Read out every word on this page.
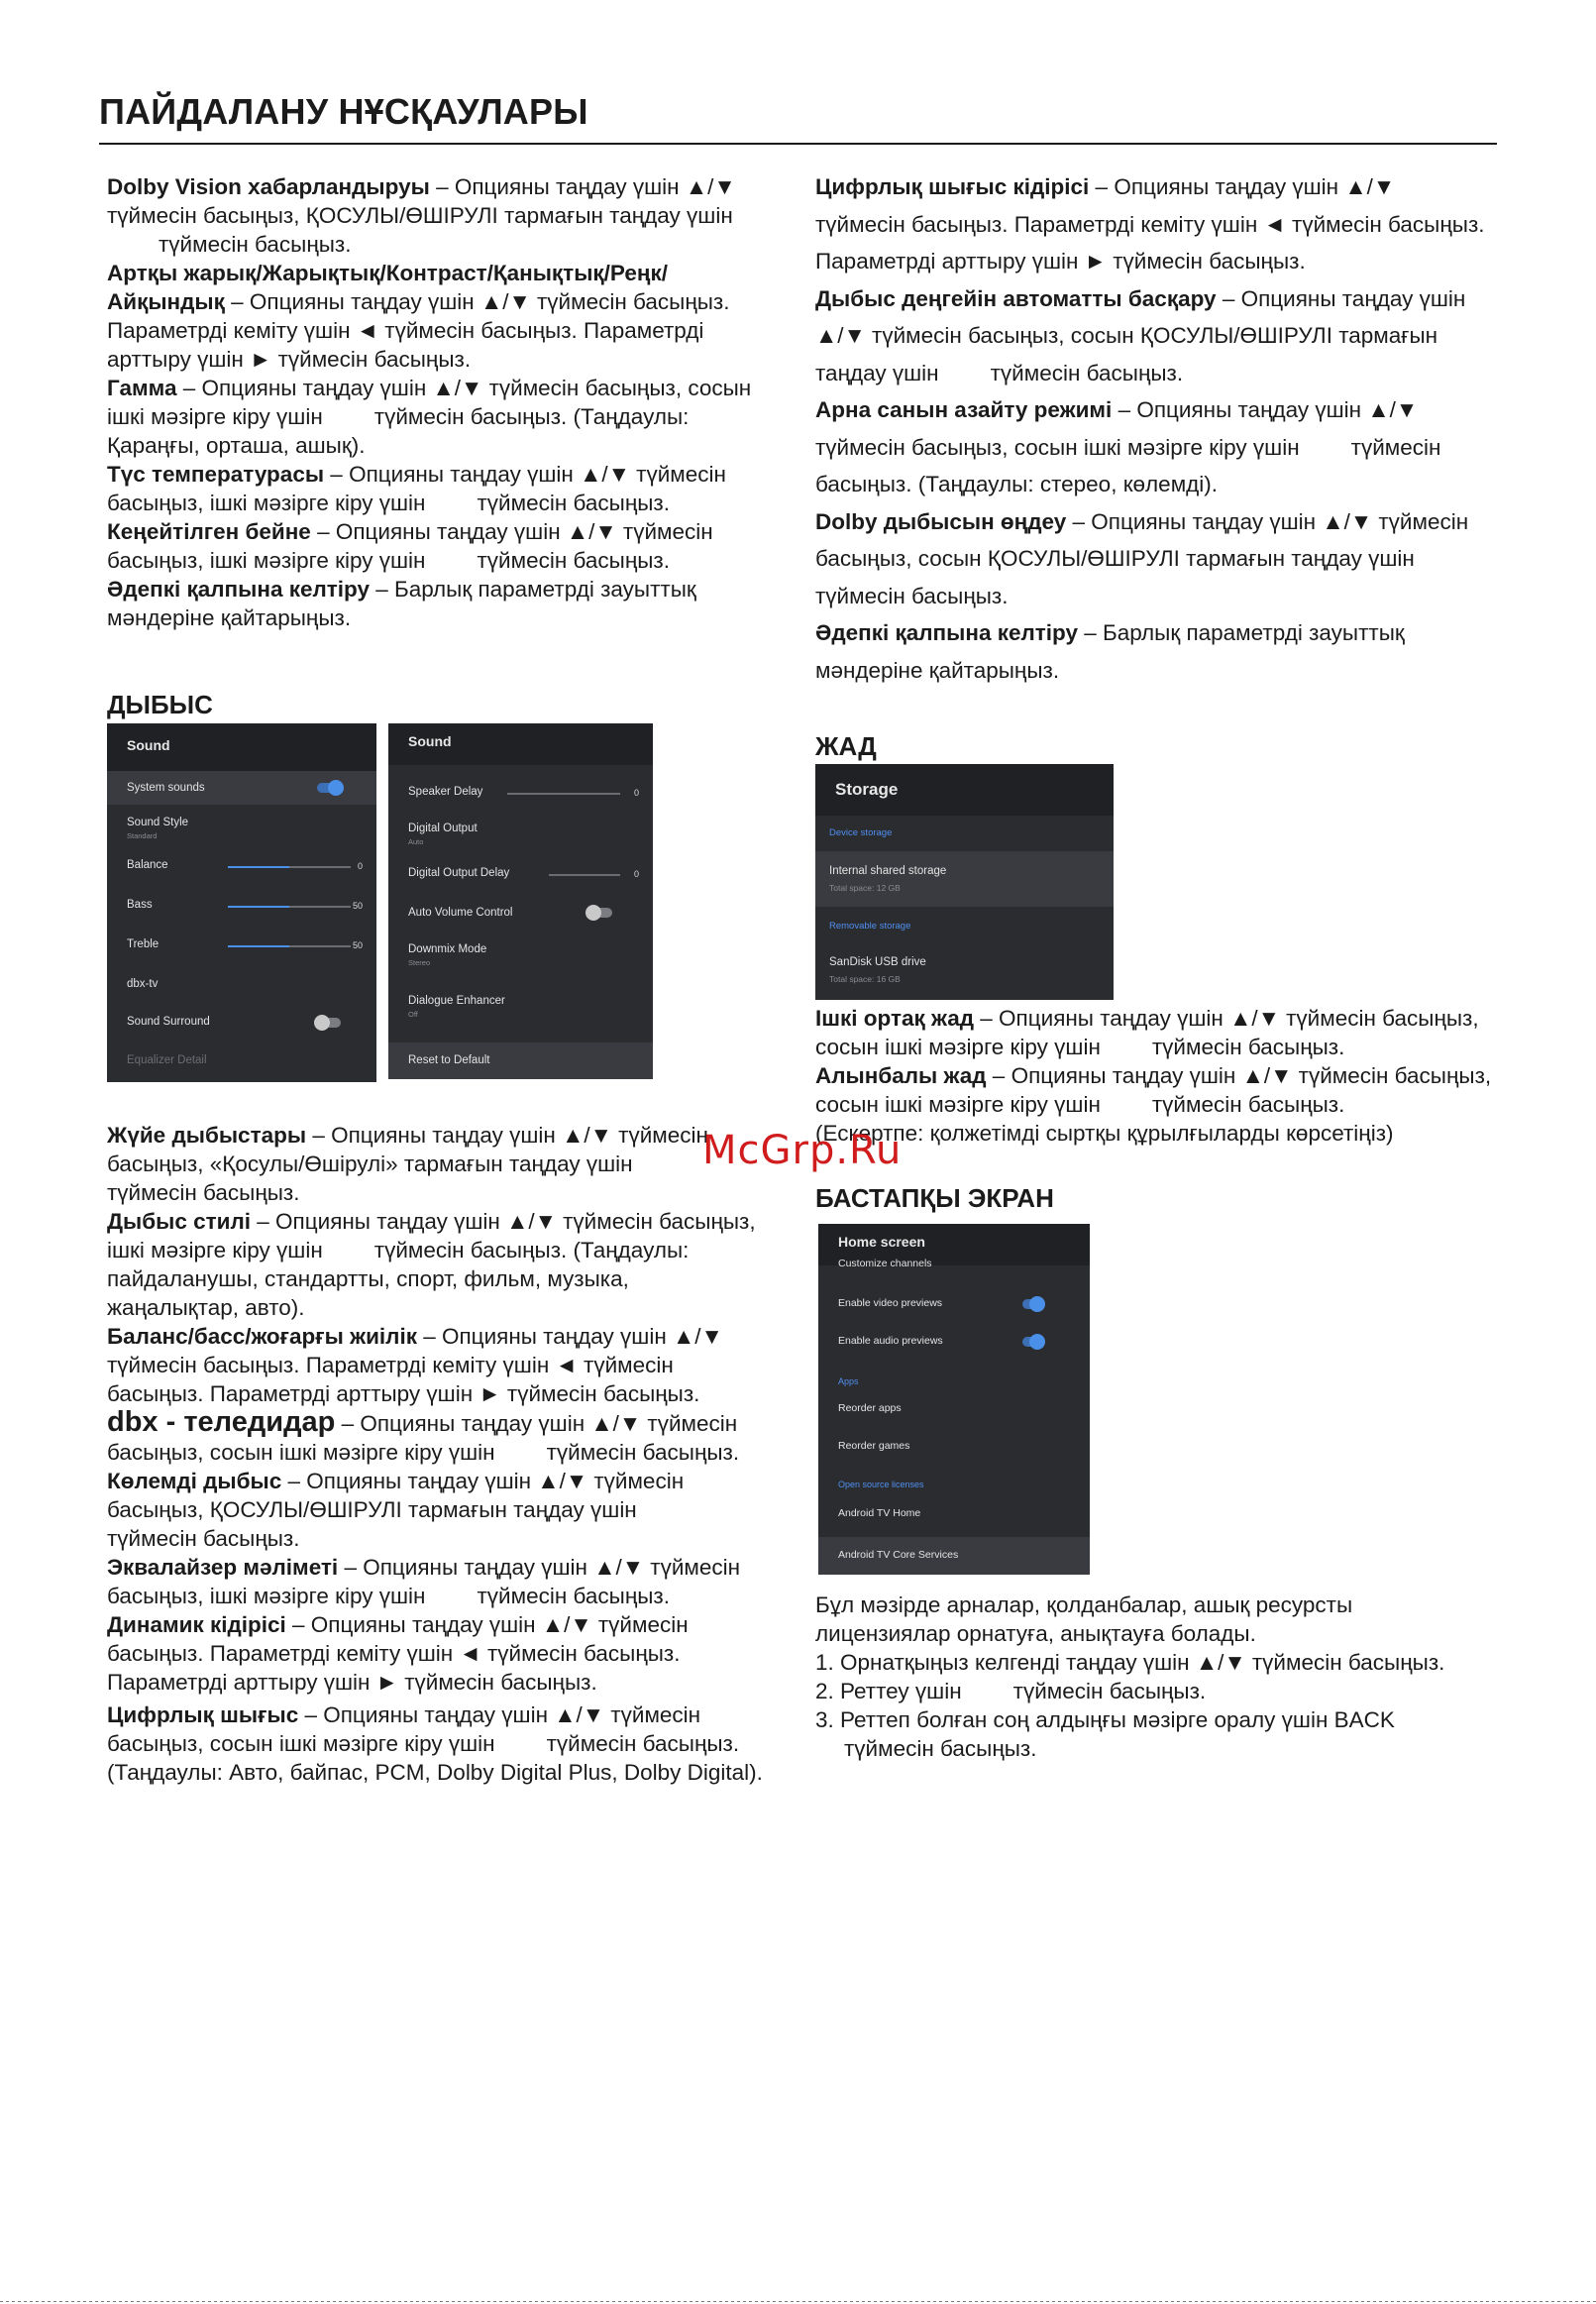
ПАЙДАЛАНУ НҰСҚАУЛАРЫ

Dolby Vision хабарландыруы – Опцияны таңдау үшін ▲/▼ түймесін басыңыз, ҚОСУЛЫ/ӨШІРУЛІ тармағын таңдау үшінтүймесін басыңыз.

Артқы жарық/Жарықтық/Контраст/Қанықтық/Реңк/ Айқындық – Опцияны таңдау үшін ▲/▼ түймесін басыңыз. Параметрді кеміту үшін ◄ түймесін басыңыз. Параметрді арттыру үшін ► түймесін басыңыз.

Гамма – Опцияны таңдау үшін ▲/▼ түймесін басыңыз, сосын ішкі мәзірге кіру үшін түймесін басыңыз. (Таңдаулы: Қараңғы, орташа, ашық).

Түс температурасы – Опцияны таңдау үшін ▲/▼ түймесін басыңыз, ішкі мәзірге кіру үшін түймесін басыңыз.

Кеңейтілген бейне – Опцияны таңдау үшін ▲/▼ түймесін басыңыз, ішкі мәзірге кіру үшін түймесін басыңыз.

Әдепкі қалпына келтіру – Барлық параметрді зауыттық мәндеріне қайтарыңыз.

ДЫБЫС
Sound
System sounds
Sound Style
Standard
Balance	0
Bass	50
Treble	50
dbx-tv
Sound Surround
Equalizer Detail
Sound
Speaker Delay	0
Digital Output
Auto
Digital Output Delay	0
Auto Volume Control
Downmix Mode
Stereo
Dialogue Enhancer
Off
Reset to Default

Жүйе дыбыстары – Опцияны таңдау үшін ▲/▼ түймесін басыңыз, «Қосулы/Өшірулі» тармағын таңдау үшінтүймесін басыңыз.

Дыбыс стилі – Опцияны таңдау үшін ▲/▼ түймесін басыңыз, ішкі мәзірге кіру үшін түймесін басыңыз. (Таңдаулы: пайдаланушы, стандартты, спорт, фильм, музыка, жаңалықтар, авто).

Баланс/басс/жоғарғы жиілік – Опцияны таңдау үшін ▲/▼ түймесін басыңыз. Параметрді кеміту үшін ◄ түймесін басыңыз. Параметрді арттыру үшін ► түймесін басыңыз.

dbx - теледидар – Опцияны таңдау үшін ▲/▼ түймесін басыңыз, сосын ішкі мәзірге кіру үшін түймесін басыңыз.

Көлемді дыбыс – Опцияны таңдау үшін ▲/▼ түймесін басыңыз, ҚОСУЛЫ/ӨШІРУЛІ тармағын таңдау үшінтүймесін басыңыз.

Эквалайзер мәліметі – Опцияны таңдау үшін ▲/▼ түймесін басыңыз, ішкі мәзірге кіру үшін түймесін басыңыз.

Динамик кідірісі – Опцияны таңдау үшін ▲/▼ түймесін басыңыз. Параметрді кеміту үшін ◄ түймесін басыңыз. Параметрді арттыру үшін ► түймесін басыңыз.

Цифрлық шығыс – Опцияны таңдау үшін ▲/▼ түймесін басыңыз, сосын ішкі мәзірге кіру үшін түймесін басыңыз. (Таңдаулы: Авто, байпас, PCM, Dolby Digital Plus, Dolby Digital).

Цифрлық шығыс кідірісі – Опцияны таңдау үшін ▲/▼ түймесін басыңыз. Параметрді кеміту үшін ◄ түймесін басыңыз. Параметрді арттыру үшін ► түймесін басыңыз.

Дыбыс деңгейін автоматты басқару – Опцияны таңдау үшін ▲/▼ түймесін басыңыз, сосын ҚОСУЛЫ/ӨШІРУЛІ тармағын таңдау үшін түймесін басыңыз.

Арна санын азайту режимі – Опцияны таңдау үшін ▲/▼ түймесін басыңыз, сосын ішкі мәзірге кіру үшін түймесін басыңыз. (Таңдаулы: стерео, көлемді).

Dolby дыбысын өңдеу – Опцияны таңдау үшін ▲/▼ түймесін басыңыз, сосын ҚОСУЛЫ/ӨШІРУЛІ тармағын таңдау үшінтүймесін басыңыз.

Әдепкі қалпына келтіру – Барлық параметрді зауыттық мәндеріне қайтарыңыз.

ЖАД
Storage
Device storage
Internal shared storage
Total space: 12 GB
Removable storage
SanDisk USB drive
Total space: 16 GB

Ішкі ортақ жад – Опцияны таңдау үшін ▲/▼ түймесін басыңыз, сосын ішкі мәзірге кіру үшін түймесін басыңыз.

Алынбалы жад – Опцияны таңдау үшін ▲/▼ түймесін басыңыз, сосын ішкі мәзірге кіру үшін түймесін басыңыз.

(Ескертпе: қолжетімді сыртқы құрылғыларды көрсетіңіз)

БАСТАПҚЫ ЭКРАН
Home screen
Customize channels
Enable video previews
Enable audio previews
Apps
Reorder apps
Reorder games
Open source licenses
Android TV Home
Android TV Core Services

Бұл мәзірде арналар, қолданбалар, ашық ресурсты лицензиялар орнатуға, анықтауға болады.

1. Орнатқыңыз келгенді таңдау үшін ▲/▼ түймесін басыңыз.

2. Реттеу үшін түймесін басыңыз.

3. Реттеп болған соң алдыңғы мәзірге оралу үшін BACK

түймесін басыңыз.

McGrp.Ru
